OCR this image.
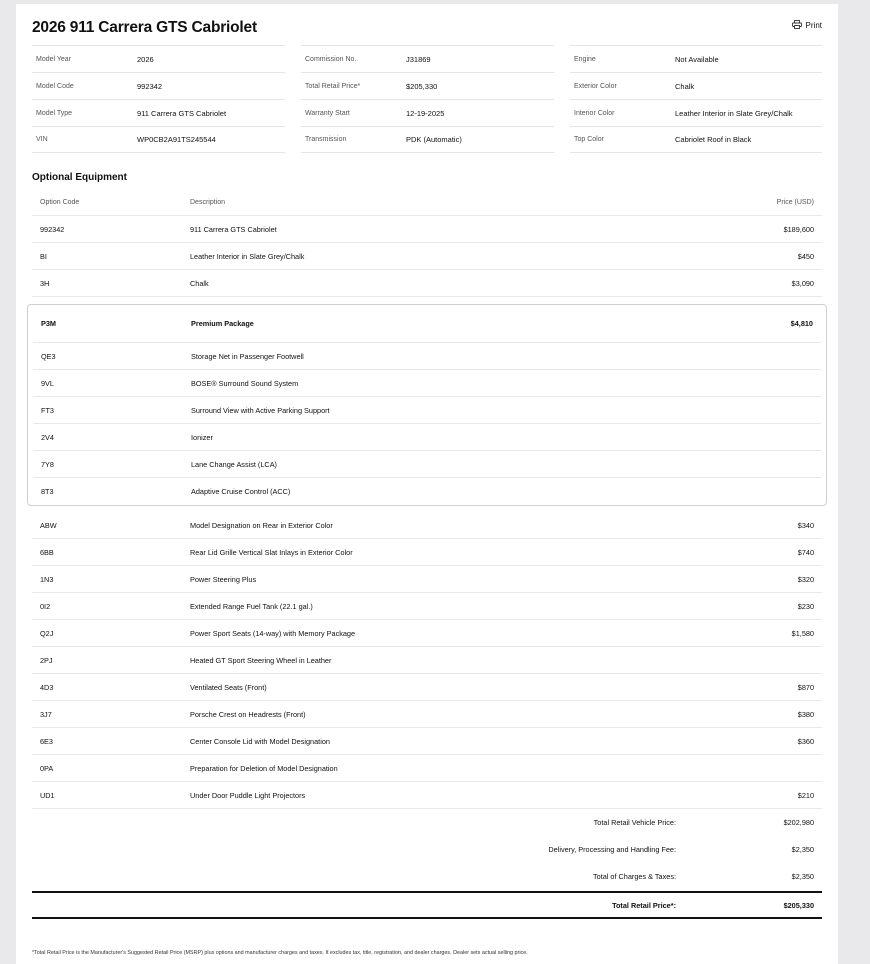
2026 911 Carrera GTS Cabriolet	Print
Model Year	2026	Commission No.	J31869	Engine	Not Available
Model Code	992342	Total Retail Price*	$205,330	Exterior Color	Chalk
Model Type	911 Carrera GTS Cabriolet	Warranty Start	12-19-2025	Interior Color	Leather Interior in Slate Grey/Chalk
VIN	WP0CB2A91TS245544	Transmission	PDK (Automatic)	Top Color	Cabriolet Roof in Black
Optional Equipment
Option Code	Description	Price (USD)
992342	911 Carrera GTS Cabriolet	$189,600
BI	Leather Interior in Slate Grey/Chalk	$450
3H	Chalk	$3,090
P3M	Premium Package	$4,810
QE3	Storage Net in Passenger Footwell
9VL	BOSE® Surround Sound System
FT3	Surround View with Active Parking Support
2V4	Ionizer
7Y8	Lane Change Assist (LCA)
8T3	Adaptive Cruise Control (ACC)
ABW	Model Designation on Rear in Exterior Color	$340
6BB	Rear Lid Grille Vertical Slat Inlays in Exterior Color	$740
1N3	Power Steering Plus	$320
0I2	Extended Range Fuel Tank (22.1 gal.)	$230
Q2J	Power Sport Seats (14-way) with Memory Package	$1,580
2PJ	Heated GT Sport Steering Wheel in Leather
4D3	Ventilated Seats (Front)	$870
3J7	Porsche Crest on Headrests (Front)	$380
6E3	Center Console Lid with Model Designation	$360
0PA	Preparation for Deletion of Model Designation
UD1	Under Door Puddle Light Projectors	$210
Total Retail Vehicle Price:	$202,980
Delivery, Processing and Handling Fee:	$2,350
Total of Charges & Taxes:	$2,350
Total Retail Price*:	$205,330
*Total Retail Price is the Manufacturer's Suggested Retail Price (MSRP) plus options and manufacturer charges and taxes. It excludes tax, title, registration, and dealer charges. Dealer sets actual selling price.
